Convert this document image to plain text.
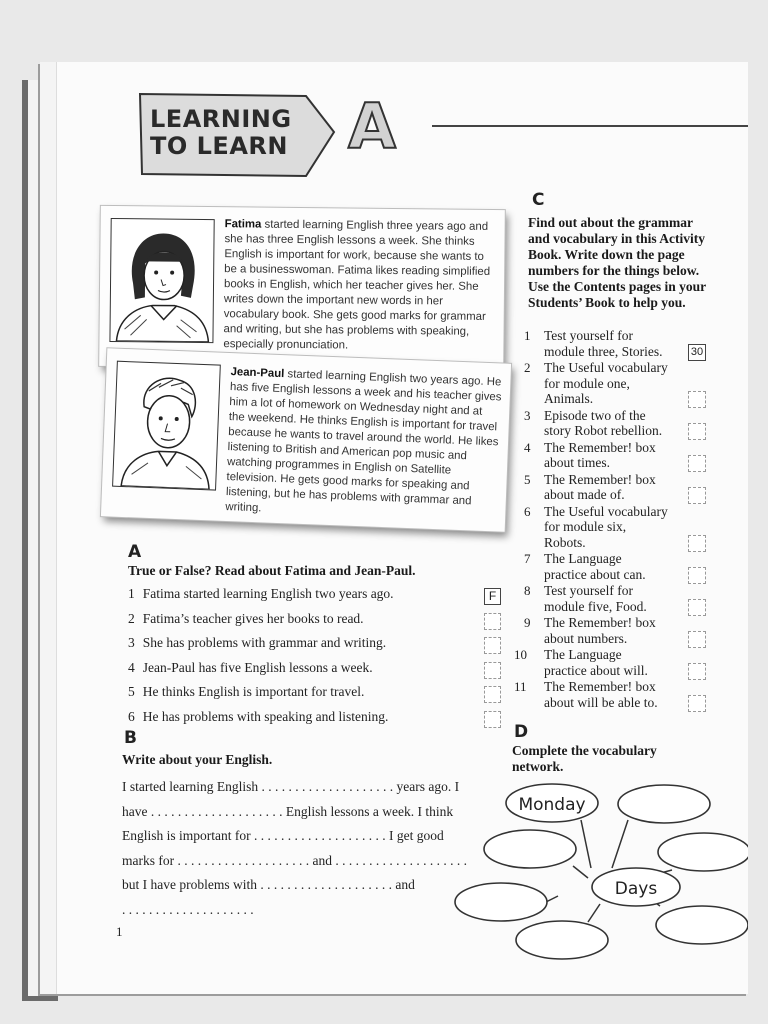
LEARNING
TO LEARN A
Fatima started learning English three years ago and she has three English lessons a week. She thinks English is important for work, because she wants to be a businesswoman. Fatima likes reading simplified books in English, which her teacher gives her. She writes down the important new words in her vocabulary book. She gets good marks for grammar and writing, but she has problems with speaking, especially pronunciation.
Jean-Paul started learning English two years ago. He has five English lessons a week and his teacher gives him a lot of homework on Wednesday night and at the weekend. He thinks English is important for travel because he wants to travel around the world. He likes listening to British and American pop music and watching programmes in English on Satellite television. He gets good marks for speaking and listening, but he has problems with grammar and writing.
A
True or False? Read about Fatima and Jean-Paul.
1 Fatima started learning English two years ago.	F
2 Fatima’s teacher gives her books to read.
3 She has problems with grammar and writing.
4 Jean-Paul has five English lessons a week.
5 He thinks English is important for travel.
6 He has problems with speaking and listening.
B
Write about your English.
I started learning English . . . . . . . . . . . . . . . . . . . . years ago. I
have . . . . . . . . . . . . . . . . . . . . English lessons a week. I think
English is important for . . . . . . . . . . . . . . . . . . . . I get good
marks for . . . . . . . . . . . . . . . . . . . . and . . . . . . . . . . . . . . . . . . . .
but I have problems with . . . . . . . . . . . . . . . . . . . . and
. . . . . . . . . . . . . . . . . . . .
C
Find out about the grammar and vocabulary in this Activity Book. Write down the page numbers for the things below. Use the Contents pages in your Students’ Book to help you.
1 Test yourself for
module three, Stories.	30
2 The Useful vocabulary
for module one,
Animals.
3 Episode two of the
story Robot rebellion.
4 The Remember! box
about times.
5 The Remember! box
about made of.
6 The Useful vocabulary
for module six,
Robots.
7 The Language
practice about can.
8 Test yourself for
module five, Food.
9 The Remember! box
about numbers.
10 The Language
practice about will.
11 The Remember! box
about will be able to.
D
Complete the vocabulary network.
Monday
Days
1
